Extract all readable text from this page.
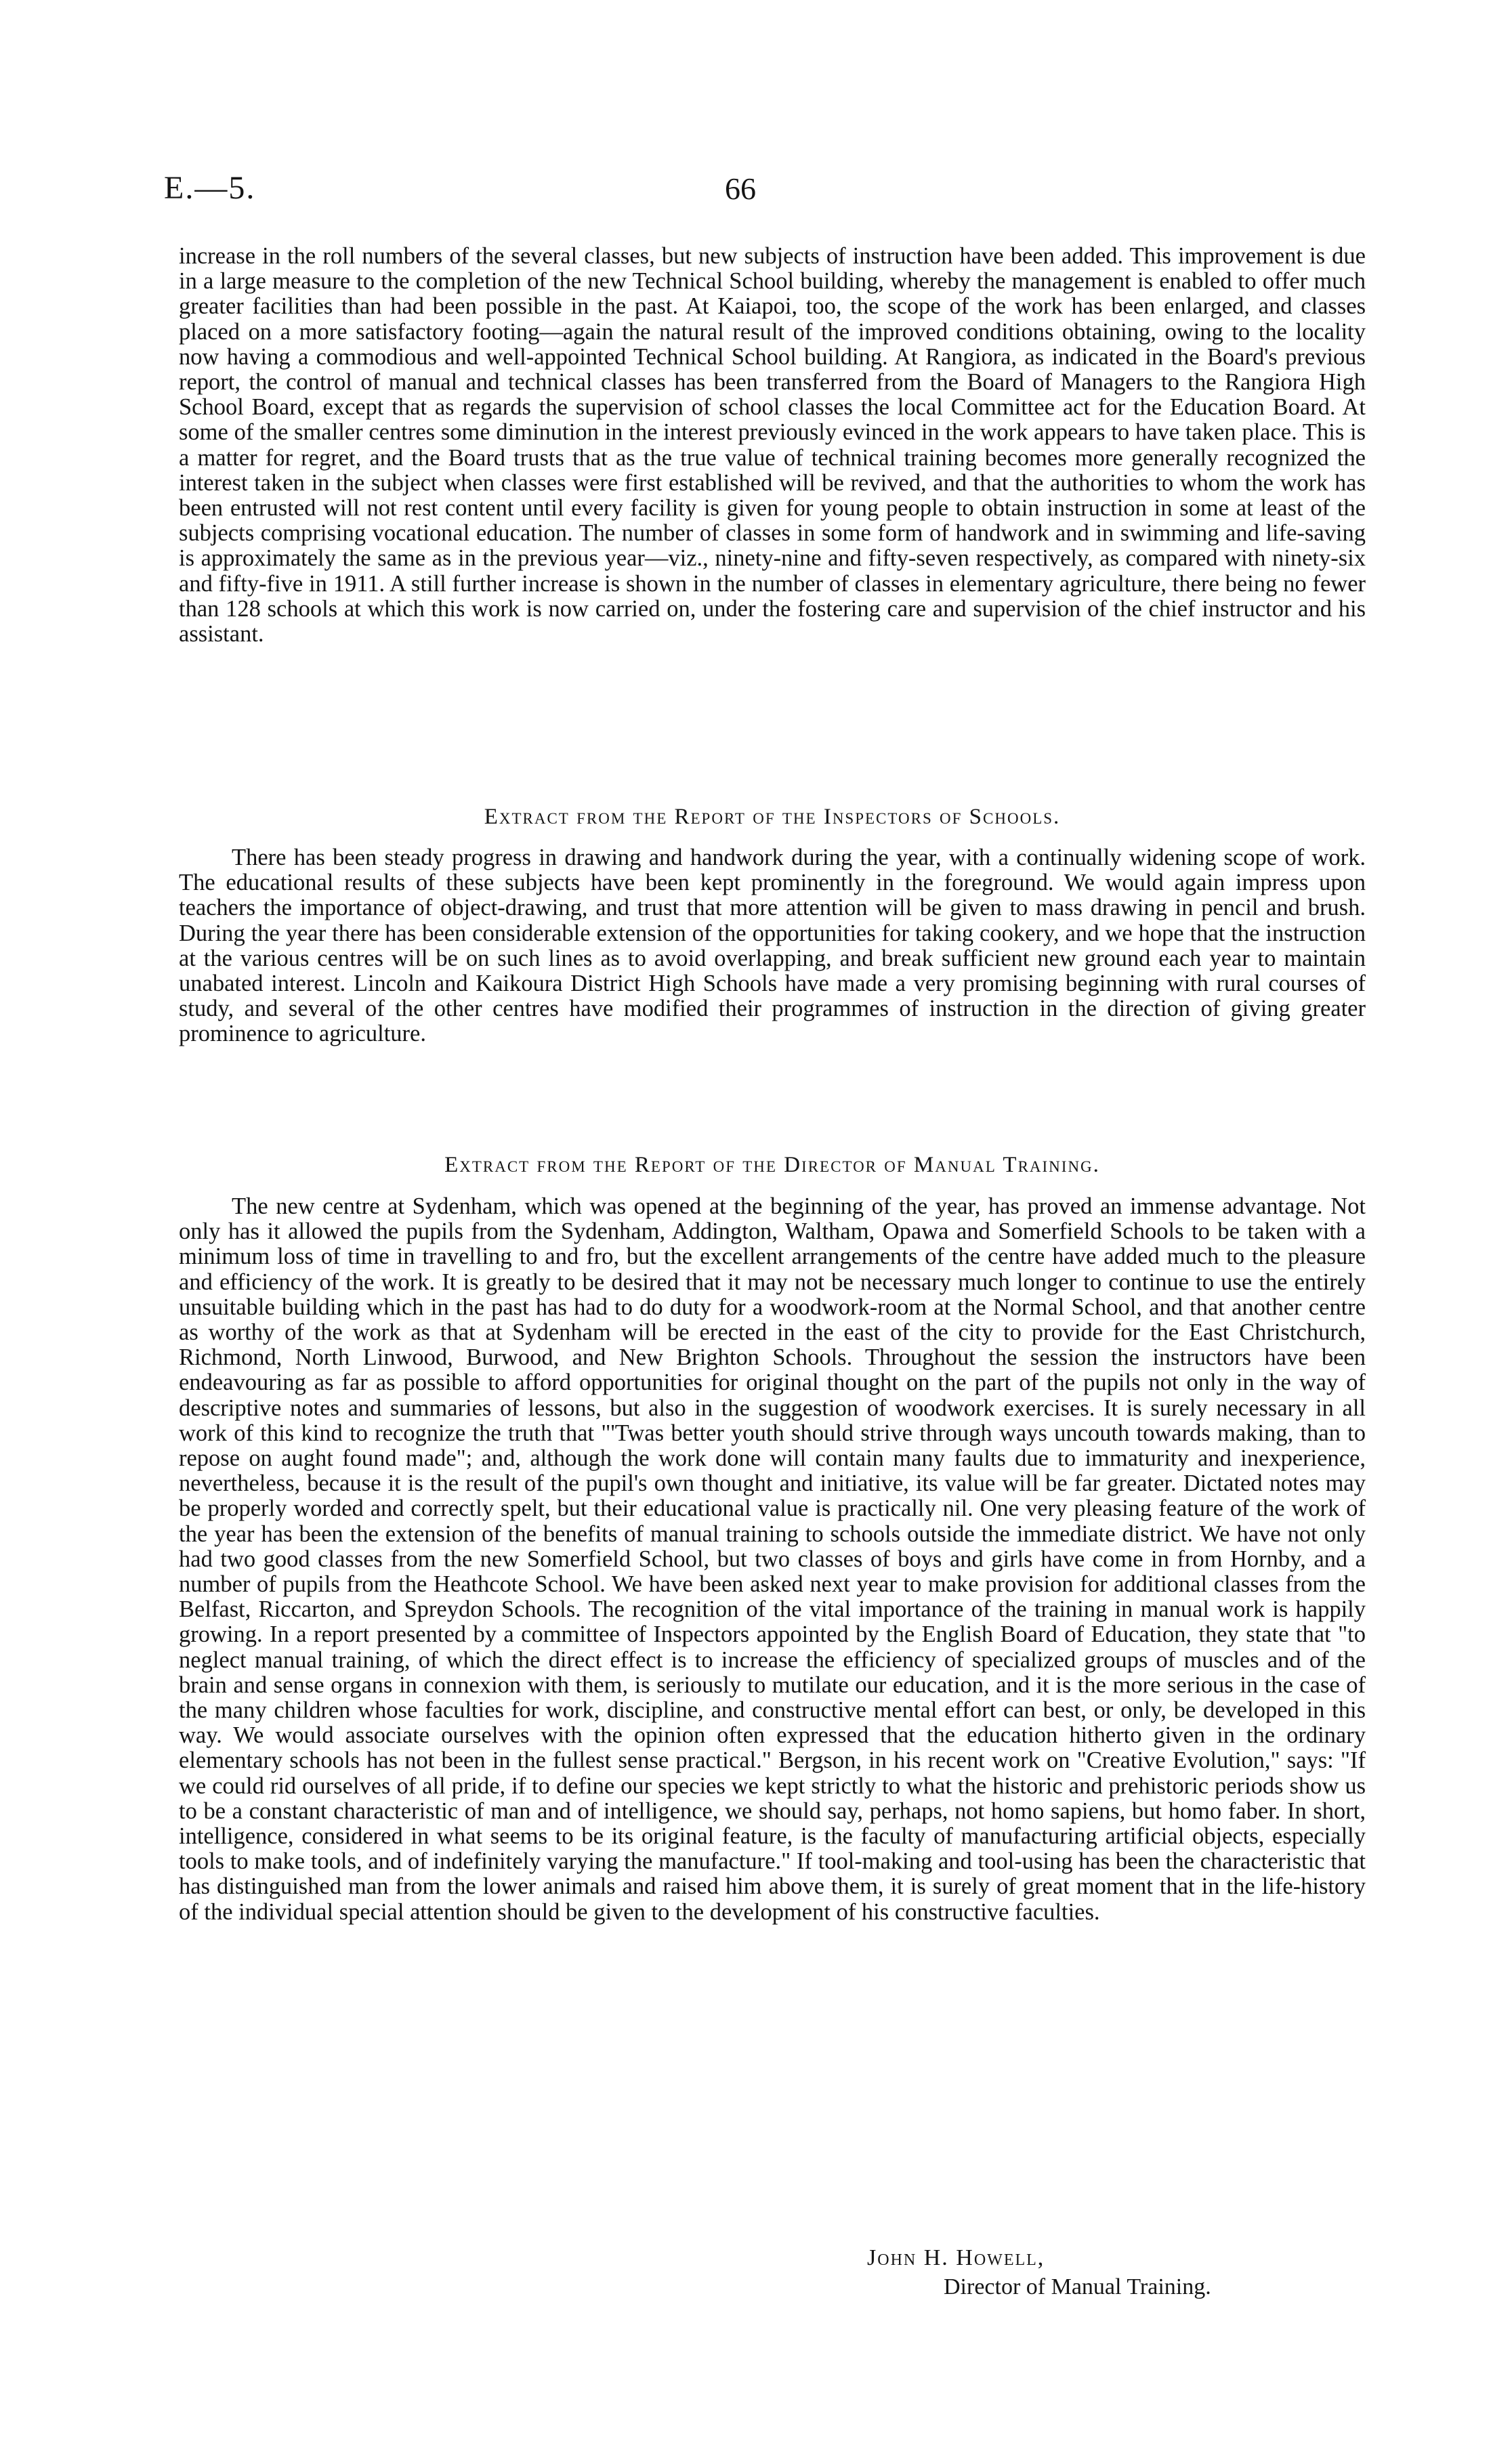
E.—5.	66

increase in the roll numbers of the several classes, but new subjects of instruction have been added. This improvement is due in a large measure to the completion of the new Technical School building, whereby the management is enabled to offer much greater facilities than had been possible in the past. At Kaiapoi, too, the scope of the work has been enlarged, and classes placed on a more satisfactory footing—again the natural result of the improved conditions obtaining, owing to the locality now having a commodious and well-appointed Technical School building. At Rangiora, as indicated in the Board's previous report, the control of manual and technical classes has been transferred from the Board of Managers to the Rangiora High School Board, except that as regards the supervision of school classes the local Committee act for the Education Board. At some of the smaller centres some diminution in the interest previously evinced in the work appears to have taken place. This is a matter for regret, and the Board trusts that as the true value of technical training becomes more generally recognized the interest taken in the subject when classes were first established will be revived, and that the authorities to whom the work has been entrusted will not rest content until every facility is given for young people to obtain instruction in some at least of the subjects comprising vocational education. The number of classes in some form of handwork and in swimming and life-saving is approximately the same as in the previous year—viz., ninety-nine and fifty-seven respectively, as compared with ninety-six and fifty-five in 1911. A still further increase is shown in the number of classes in elementary agriculture, there being no fewer than 128 schools at which this work is now carried on, under the fostering care and supervision of the chief instructor and his assistant.

Extract from the Report of the Inspectors of Schools.

There has been steady progress in drawing and handwork during the year, with a continually widening scope of work. The educational results of these subjects have been kept prominently in the foreground. We would again impress upon teachers the importance of object-drawing, and trust that more attention will be given to mass drawing in pencil and brush. During the year there has been considerable extension of the opportunities for taking cookery, and we hope that the instruction at the various centres will be on such lines as to avoid overlapping, and break sufficient new ground each year to maintain unabated interest. Lincoln and Kaikoura District High Schools have made a very promising beginning with rural courses of study, and several of the other centres have modified their programmes of instruction in the direction of giving greater prominence to agriculture.

Extract from the Report of the Director of Manual Training.

The new centre at Sydenham, which was opened at the beginning of the year, has proved an immense advantage. Not only has it allowed the pupils from the Sydenham, Addington, Waltham, Opawa and Somerfield Schools to be taken with a minimum loss of time in travelling to and fro, but the excellent arrangements of the centre have added much to the pleasure and efficiency of the work. It is greatly to be desired that it may not be necessary much longer to continue to use the entirely unsuitable building which in the past has had to do duty for a woodwork-room at the Normal School, and that another centre as worthy of the work as that at Sydenham will be erected in the east of the city to provide for the East Christchurch, Richmond, North Linwood, Burwood, and New Brighton Schools. Throughout the session the instructors have been endeavouring as far as possible to afford opportunities for original thought on the part of the pupils not only in the way of descriptive notes and summaries of lessons, but also in the suggestion of woodwork exercises. It is surely necessary in all work of this kind to recognize the truth that "'Twas better youth should strive through ways uncouth towards making, than to repose on aught found made"; and, although the work done will contain many faults due to immaturity and inexperience, nevertheless, because it is the result of the pupil's own thought and initiative, its value will be far greater. Dictated notes may be properly worded and correctly spelt, but their educational value is practically nil. One very pleasing feature of the work of the year has been the extension of the benefits of manual training to schools outside the immediate district. We have not only had two good classes from the new Somerfield School, but two classes of boys and girls have come in from Hornby, and a number of pupils from the Heathcote School. We have been asked next year to make provision for additional classes from the Belfast, Riccarton, and Spreydon Schools. The recognition of the vital importance of the training in manual work is happily growing. In a report presented by a committee of Inspectors appointed by the English Board of Education, they state that "to neglect manual training, of which the direct effect is to increase the efficiency of specialized groups of muscles and of the brain and sense organs in connexion with them, is seriously to mutilate our education, and it is the more serious in the case of the many children whose faculties for work, discipline, and constructive mental effort can best, or only, be developed in this way. We would associate ourselves with the opinion often expressed that the education hitherto given in the ordinary elementary schools has not been in the fullest sense practical." Bergson, in his recent work on "Creative Evolution," says: "If we could rid ourselves of all pride, if to define our species we kept strictly to what the historic and prehistoric periods show us to be a constant characteristic of man and of intelligence, we should say, perhaps, not homo sapiens, but homo faber. In short, intelligence, considered in what seems to be its original feature, is the faculty of manufacturing artificial objects, especially tools to make tools, and of indefinitely varying the manufacture." If tool-making and tool-using has been the characteristic that has distinguished man from the lower animals and raised him above them, it is surely of great moment that in the life-history of the individual special attention should be given to the development of his constructive faculties.

John H. Howell,
Director of Manual Training.
